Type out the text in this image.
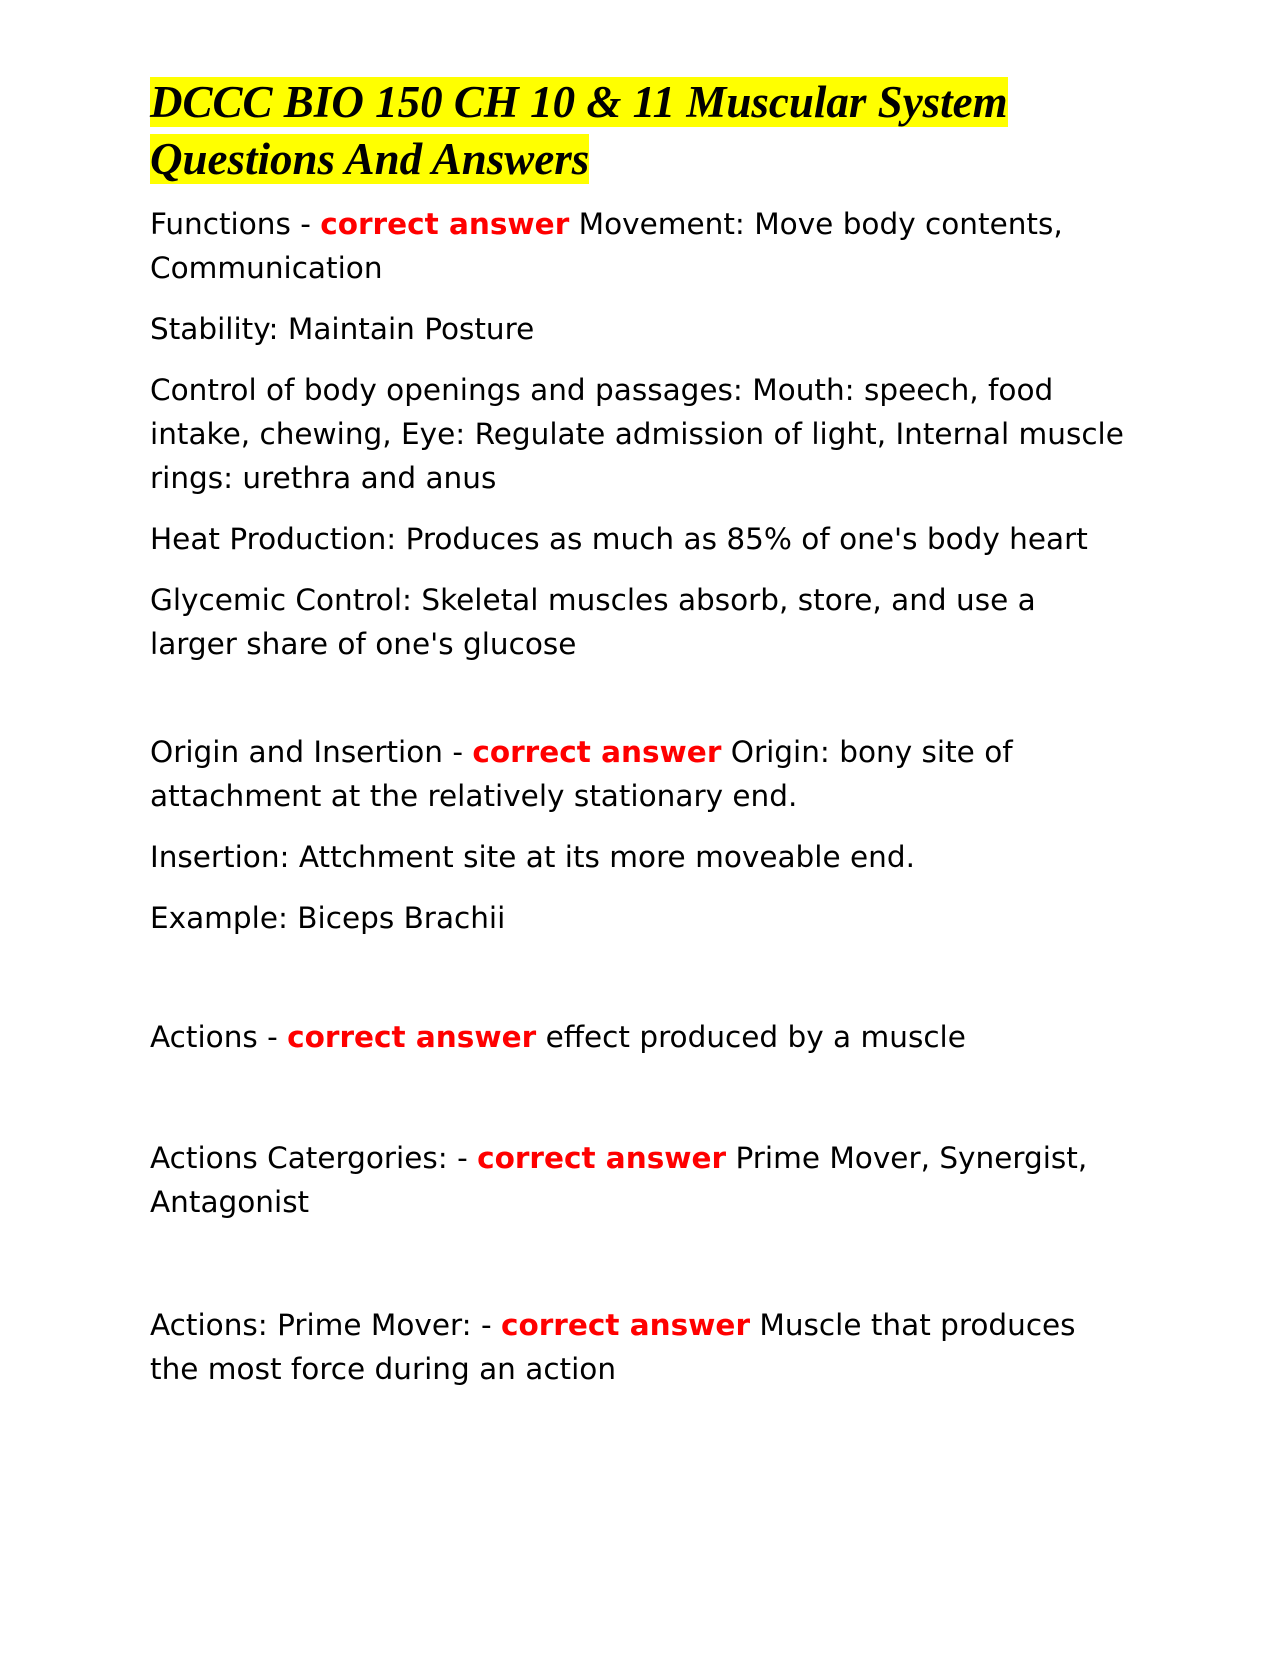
DCCC BIO 150 CH 10 & 11 Muscular System
Questions And Answers

Functions - correct answer Movement: Move body contents, Communication

Stability: Maintain Posture

Control of body openings and passages: Mouth: speech, food intake, chewing, Eye: Regulate admission of light, Internal muscle rings: urethra and anus

Heat Production: Produces as much as 85% of one's body heart

Glycemic Control: Skeletal muscles absorb, store, and use a larger share of one's glucose

Origin and Insertion - correct answer Origin: bony site of attachment at the relatively stationary end.

Insertion: Attchment site at its more moveable end.

Example: Biceps Brachii

Actions - correct answer effect produced by a muscle

Actions Catergories: - correct answer Prime Mover, Synergist, Antagonist

Actions: Prime Mover: - correct answer Muscle that produces the most force during an action
